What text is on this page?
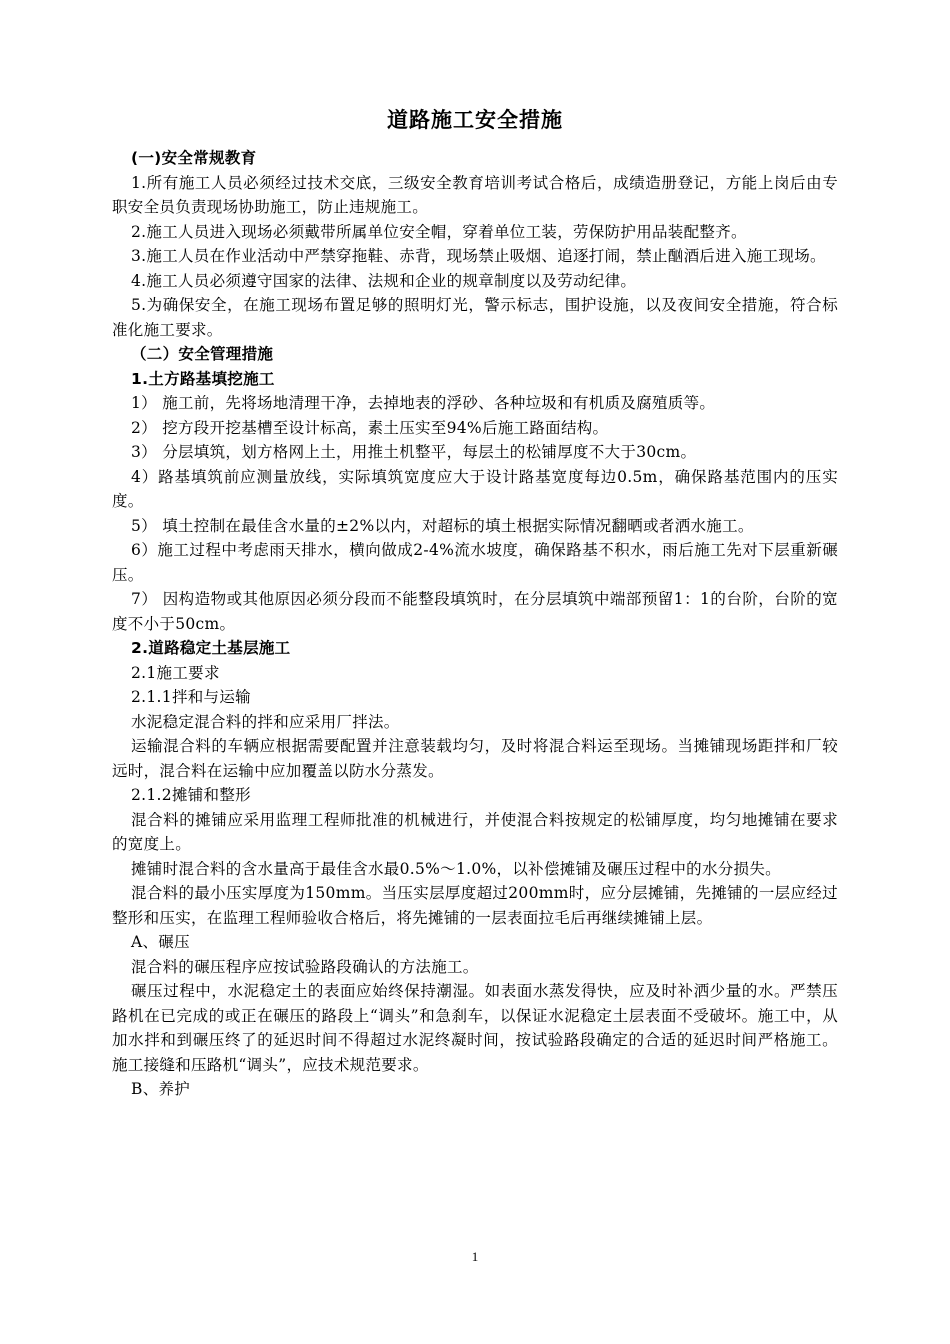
道路施工安全措施

(一)安全常规教育

1.所有施工人员必须经过技术交底，三级安全教育培训考试合格后，成绩造册登记，方能上岗后由专职安全员负责现场协助施工，防止违规施工。

2.施工人员进入现场必须戴带所属单位安全帽，穿着单位工装，劳保防护用品装配整齐。

3.施工人员在作业活动中严禁穿拖鞋、赤背，现场禁止吸烟、追逐打闹，禁止酗酒后进入施工现场。

4.施工人员必须遵守国家的法律、法规和企业的规章制度以及劳动纪律。

5.为确保安全，在施工现场布置足够的照明灯光，警示标志，围护设施，以及夜间安全措施，符合标准化施工要求。

（二）安全管理措施

1.土方路基填挖施工

1） 施工前，先将场地清理干净，去掉地表的浮砂、各种垃圾和有机质及腐殖质等。

2） 挖方段开挖基槽至设计标高，素土压实至94%后施工路面结构。

3） 分层填筑，划方格网上土，用推土机整平，每层土的松铺厚度不大于30cm。

4）路基填筑前应测量放线，实际填筑宽度应大于设计路基宽度每边0.5m，确保路基范围内的压实度。

5） 填土控制在最佳含水量的±2%以内，对超标的填土根据实际情况翻晒或者洒水施工。

6）施工过程中考虑雨天排水，横向做成2-4%流水坡度，确保路基不积水，雨后施工先对下层重新碾压。

7） 因构造物或其他原因必须分段而不能整段填筑时，在分层填筑中端部预留1：1的台阶，台阶的宽度不小于50cm。

2.道路稳定土基层施工

2.1施工要求

2.1.1拌和与运输

水泥稳定混合料的拌和应采用厂拌法。

运输混合料的车辆应根据需要配置并注意装载均匀，及时将混合料运至现场。当摊铺现场距拌和厂较远时，混合料在运输中应加覆盖以防水分蒸发。

2.1.2摊铺和整形

混合料的摊铺应采用监理工程师批准的机械进行，并使混合料按规定的松铺厚度，均匀地摊铺在要求的宽度上。

摊铺时混合料的含水量高于最佳含水最0.5%～1.0%，以补偿摊铺及碾压过程中的水分损失。

混合料的最小压实厚度为150mm。当压实层厚度超过200mm时，应分层摊铺，先摊铺的一层应经过整形和压实，在监理工程师验收合格后，将先摊铺的一层表面拉毛后再继续摊铺上层。

A、碾压

混合料的碾压程序应按试验路段确认的方法施工。

碾压过程中，水泥稳定土的表面应始终保持潮湿。如表面水蒸发得快，应及时补洒少量的水。严禁压路机在已完成的或正在碾压的路段上“调头”和急刹车，以保证水泥稳定土层表面不受破坏。施工中，从加水拌和到碾压终了的延迟时间不得超过水泥终凝时间，按试验路段确定的合适的延迟时间严格施工。施工接缝和压路机“调头”，应技术规范要求。

B、养护

1
